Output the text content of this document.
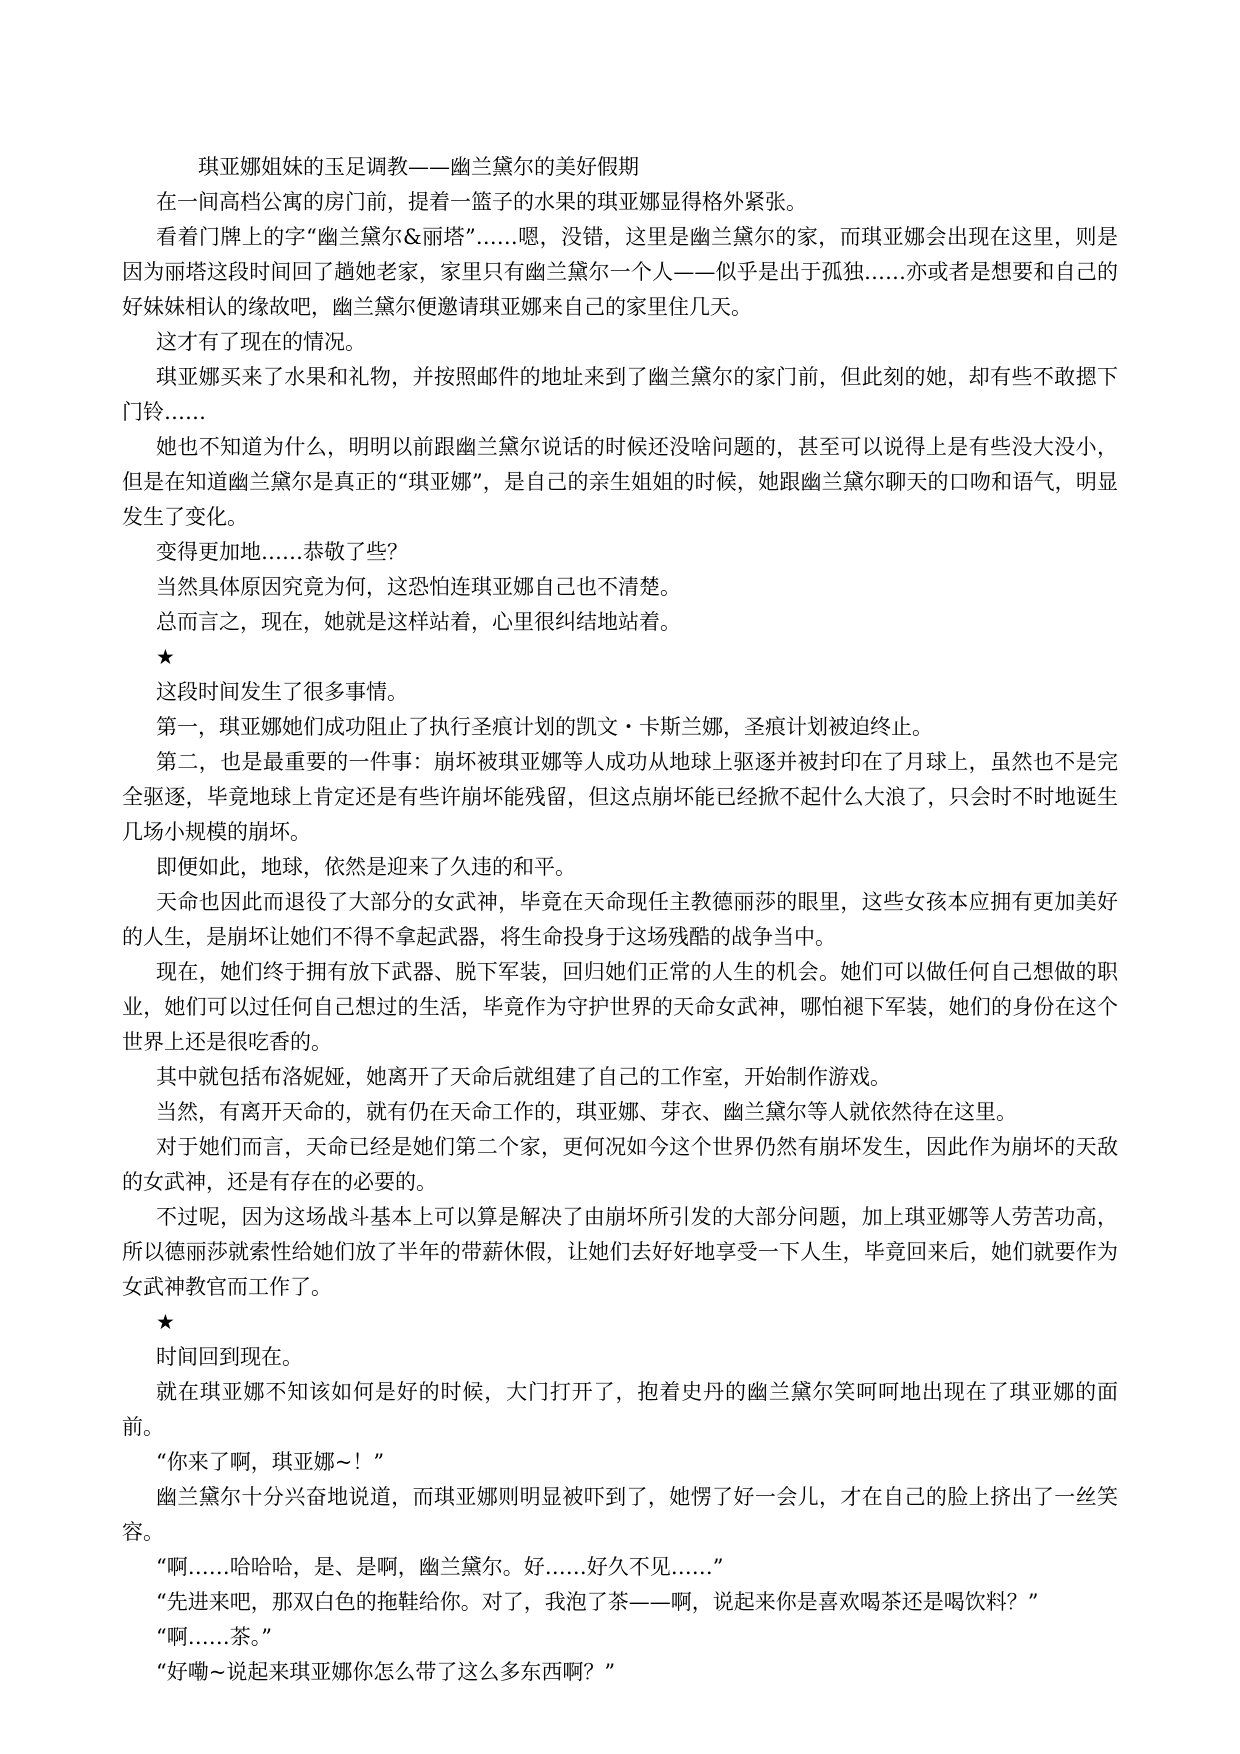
琪亚娜姐妹的玉足调教——幽兰黛尔的美好假期

在一间高档公寓的房门前，提着一篮子的水果的琪亚娜显得格外紧张。

看着门牌上的字“幽兰黛尔&丽塔”……嗯，没错，这里是幽兰黛尔的家，而琪亚娜会出现在这里，则是因为丽塔这段时间回了趟她老家，家里只有幽兰黛尔一个人——似乎是出于孤独……亦或者是想要和自己的好妹妹相认的缘故吧，幽兰黛尔便邀请琪亚娜来自己的家里住几天。

这才有了现在的情况。

琪亚娜买来了水果和礼物，并按照邮件的地址来到了幽兰黛尔的家门前，但此刻的她，却有些不敢摁下门铃……

她也不知道为什么，明明以前跟幽兰黛尔说话的时候还没啥问题的，甚至可以说得上是有些没大没小，但是在知道幽兰黛尔是真正的“琪亚娜”，是自己的亲生姐姐的时候，她跟幽兰黛尔聊天的口吻和语气，明显发生了变化。

变得更加地……恭敬了些？

当然具体原因究竟为何，这恐怕连琪亚娜自己也不清楚。

总而言之，现在，她就是这样站着，心里很纠结地站着。

★

这段时间发生了很多事情。

第一，琪亚娜她们成功阻止了执行圣痕计划的凯文・卡斯兰娜，圣痕计划被迫终止。

第二，也是最重要的一件事：崩坏被琪亚娜等人成功从地球上驱逐并被封印在了月球上，虽然也不是完全驱逐，毕竟地球上肯定还是有些许崩坏能残留，但这点崩坏能已经掀不起什么大浪了，只会时不时地诞生几场小规模的崩坏。

即便如此，地球，依然是迎来了久违的和平。

天命也因此而退役了大部分的女武神，毕竟在天命现任主教德丽莎的眼里，这些女孩本应拥有更加美好的人生，是崩坏让她们不得不拿起武器，将生命投身于这场残酷的战争当中。

现在，她们终于拥有放下武器、脱下军装，回归她们正常的人生的机会。她们可以做任何自己想做的职业，她们可以过任何自己想过的生活，毕竟作为守护世界的天命女武神，哪怕褪下军装，她们的身份在这个世界上还是很吃香的。

其中就包括布洛妮娅，她离开了天命后就组建了自己的工作室，开始制作游戏。

当然，有离开天命的，就有仍在天命工作的，琪亚娜、芽衣、幽兰黛尔等人就依然待在这里。

对于她们而言，天命已经是她们第二个家，更何况如今这个世界仍然有崩坏发生，因此作为崩坏的天敌的女武神，还是有存在的必要的。

不过呢，因为这场战斗基本上可以算是解决了由崩坏所引发的大部分问题，加上琪亚娜等人劳苦功高，所以德丽莎就索性给她们放了半年的带薪休假，让她们去好好地享受一下人生，毕竟回来后，她们就要作为女武神教官而工作了。

★

时间回到现在。

就在琪亚娜不知该如何是好的时候，大门打开了，抱着史丹的幽兰黛尔笑呵呵地出现在了琪亚娜的面前。

“你来了啊，琪亚娜~！”

幽兰黛尔十分兴奋地说道，而琪亚娜则明显被吓到了，她愣了好一会儿，才在自己的脸上挤出了一丝笑容。

“啊……哈哈哈，是、是啊，幽兰黛尔。好……好久不见……”

“先进来吧，那双白色的拖鞋给你。对了，我泡了茶——啊，说起来你是喜欢喝茶还是喝饮料？”

“啊……茶。”

“好嘞~说起来琪亚娜你怎么带了这么多东西啊？”
